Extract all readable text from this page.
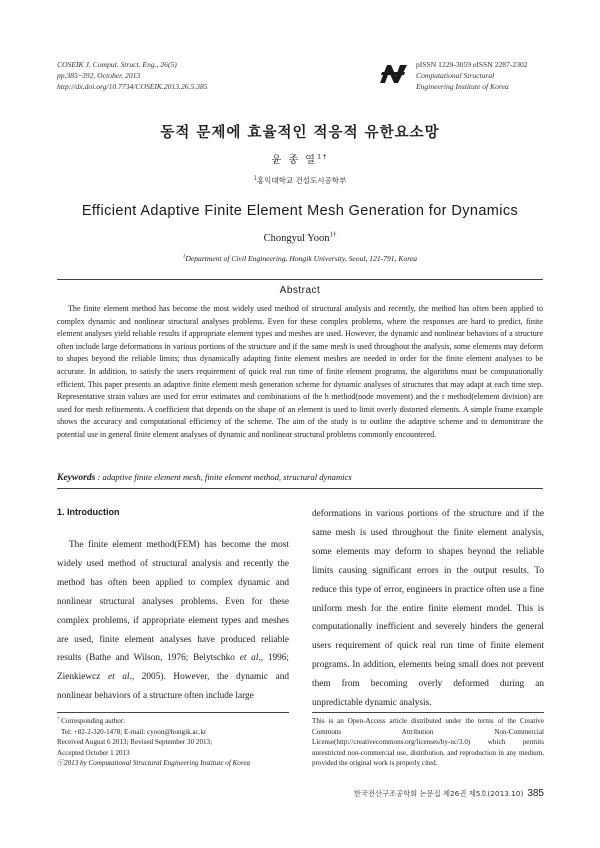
COSEIK J. Comput. Struct. Eng., 26(5)
pp.385~392, October, 2013
http://dx.doi.org/10.7734/COSEIK.2013.26.5.385
pISSN 1229-3059 eISSN 2287-2302
Computational Structural
Engineering Institute of Korea
동적 문제에 효율적인 적응적 유한요소망
윤 종 열$^{1\dagger}$
$^1$홍익대학교 건설도시공학부
Efficient Adaptive Finite Element Mesh Generation for Dynamics
Chongyul Yoon$^{1\dagger}$
$^1$Department of Civil Engineering, Hongik University, Seoul, 121-791, Korea
Abstract
The finite element method has become the most widely used method of structural analysis and recently, the method has often been applied to complex dynamic and nonlinear structural analyses problems. Even for these complex problems, where the responses are hard to predict, finite element analyses yield reliable results if appropriate element types and meshes are used. However, the dynamic and nonlinear behaviors of a structure often include large deformations in various portions of the structure and if the same mesh is used throughout the analysis, some elements may deform to shapes beyond the reliable limits; thus dynamically adapting finite element meshes are needed in order for the finite element analyses to be accurate. In addition, to satisfy the users requirement of quick real run time of finite element programs, the algorithms must be computationally efficient. This paper presents an adaptive finite element mesh generation scheme for dynamic analyses of structures that may adapt at each time step. Representative strain values are used for error estimates and combinations of the h method(node movement) and the r method(element division) are used for mesh refinements. A coefficient that depends on the shape of an element is used to limit overly distorted elements. A simple frame example shows the accuracy and computational efficiency of the scheme. The aim of the study is to outline the adaptive scheme and to demonstrate the potential use in general finite element analyses of dynamic and nonlinear structural problems commonly encountered.
Keywords : adaptive finite element mesh, finite element method, structural dynamics
1. Introduction
The finite element method(FEM) has become the most widely used method of structural analysis and recently the method has often been applied to complex dynamic and nonlinear structural analyses problems. Even for these complex problems, if appropriate element types and meshes are used, finite element analyses have produced reliable results (Bathe and Wilson, 1976; Belytschko et al., 1996; Zienkiewcz et al., 2005). However, the dynamic and nonlinear behaviors of a structure often include large
deformations in various portions of the structure and if the same mesh is used throughout the finite element analysis, some elements may deform to shapes beyond the reliable limits causing significant errors in the output results. To reduce this type of error, engineers in practice often use a fine uniform mesh for the entire finite element model. This is computationally inefficient and severely hinders the general users requirement of quick real run time of finite element programs. In addition, elements being small does not prevent them from becoming overly deformed during an unpredictable dynamic analysis.
† Corresponding author:
Tel: +82-2-320-1478; E-mail: cyoon@hongik.ac.kr
Received August 6 2013; Revised September 30 2013;
Accepted October 1 2013
ⓒ2013 by Computational Structural Engineering Institute of Korea
This is an Open-Access article distributed under the terms of the Creative Commons Attribution Non-Commercial License(http://creativecommons.org/licenses/by-nc/3.0) which permits unrestricted non-commercial use, distribution, and reproduction in any medium, provided the original work is properly cited.
한국전산구조공학회 논문집 제26권 제5호(2013.10) 385
